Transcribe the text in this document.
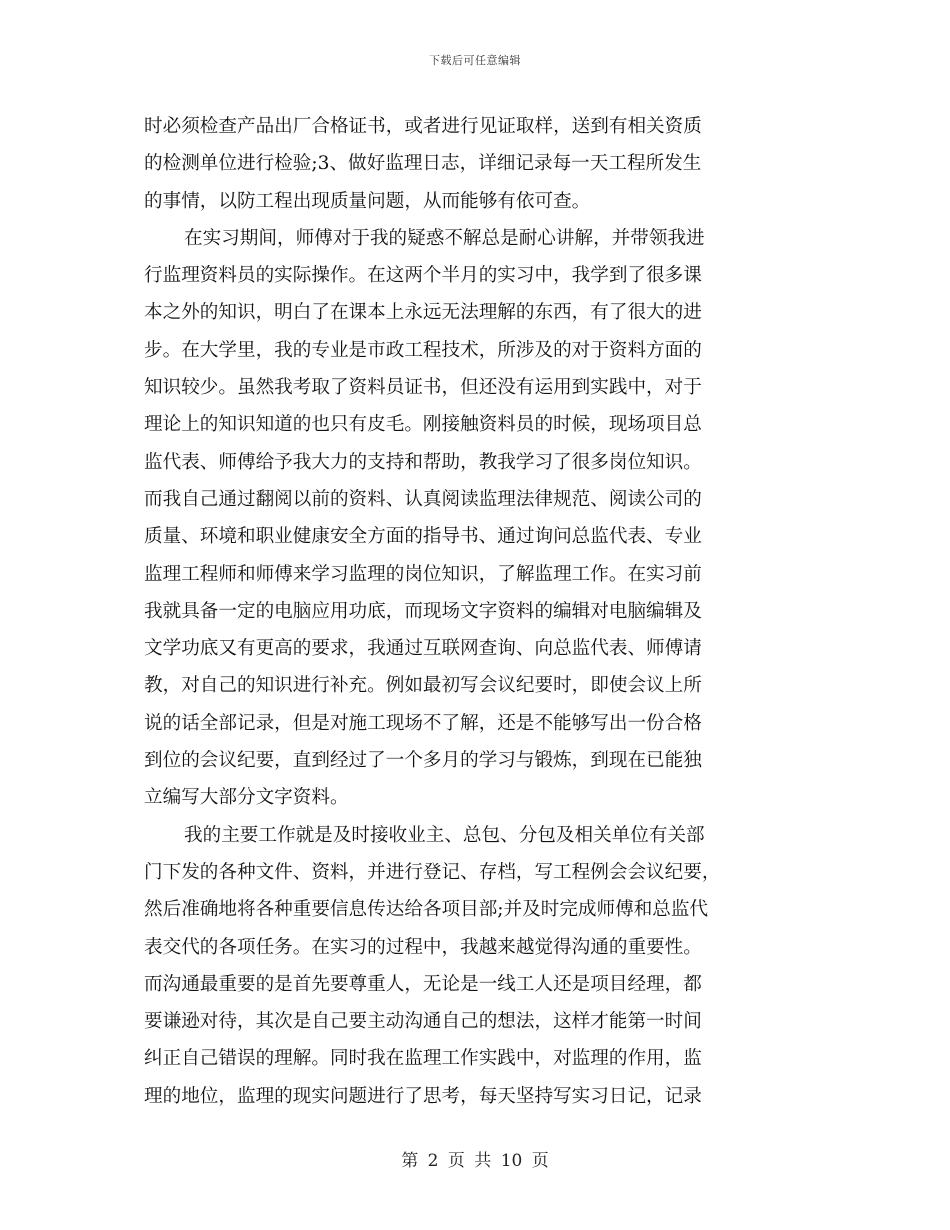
下载后可任意编辑
时必须检查产品出厂合格证书，或者进行见证取样，送到有相关资质
的检测单位进行检验;3、做好监理日志，详细记录每一天工程所发生
的事情，以防工程出现质量问题，从而能够有依可查。
在实习期间，师傅对于我的疑惑不解总是耐心讲解，并带领我进
行监理资料员的实际操作。在这两个半月的实习中，我学到了很多课
本之外的知识，明白了在课本上永远无法理解的东西，有了很大的进
步。在大学里，我的专业是市政工程技术，所涉及的对于资料方面的
知识较少。虽然我考取了资料员证书，但还没有运用到实践中，对于
理论上的知识知道的也只有皮毛。刚接触资料员的时候，现场项目总
监代表、师傅给予我大力的支持和帮助，教我学习了很多岗位知识。
而我自己通过翻阅以前的资料、认真阅读监理法律规范、阅读公司的
质量、环境和职业健康安全方面的指导书、通过询问总监代表、专业
监理工程师和师傅来学习监理的岗位知识，了解监理工作。在实习前
我就具备一定的电脑应用功底，而现场文字资料的编辑对电脑编辑及
文学功底又有更高的要求，我通过互联网查询、向总监代表、师傅请
教，对自己的知识进行补充。例如最初写会议纪要时，即使会议上所
说的话全部记录，但是对施工现场不了解，还是不能够写出一份合格
到位的会议纪要，直到经过了一个多月的学习与锻炼，到现在已能独
立编写大部分文字资料。
我的主要工作就是及时接收业主、总包、分包及相关单位有关部
门下发的各种文件、资料，并进行登记、存档，写工程例会会议纪要，
然后准确地将各种重要信息传达给各项目部;并及时完成师傅和总监代
表交代的各项任务。在实习的过程中，我越来越觉得沟通的重要性。
而沟通最重要的是首先要尊重人，无论是一线工人还是项目经理，都
要谦逊对待，其次是自己要主动沟通自己的想法，这样才能第一时间
纠正自己错误的理解。同时我在监理工作实践中，对监理的作用，监
理的地位，监理的现实问题进行了思考，每天坚持写实习日记，记录
第 2 页 共 10 页
